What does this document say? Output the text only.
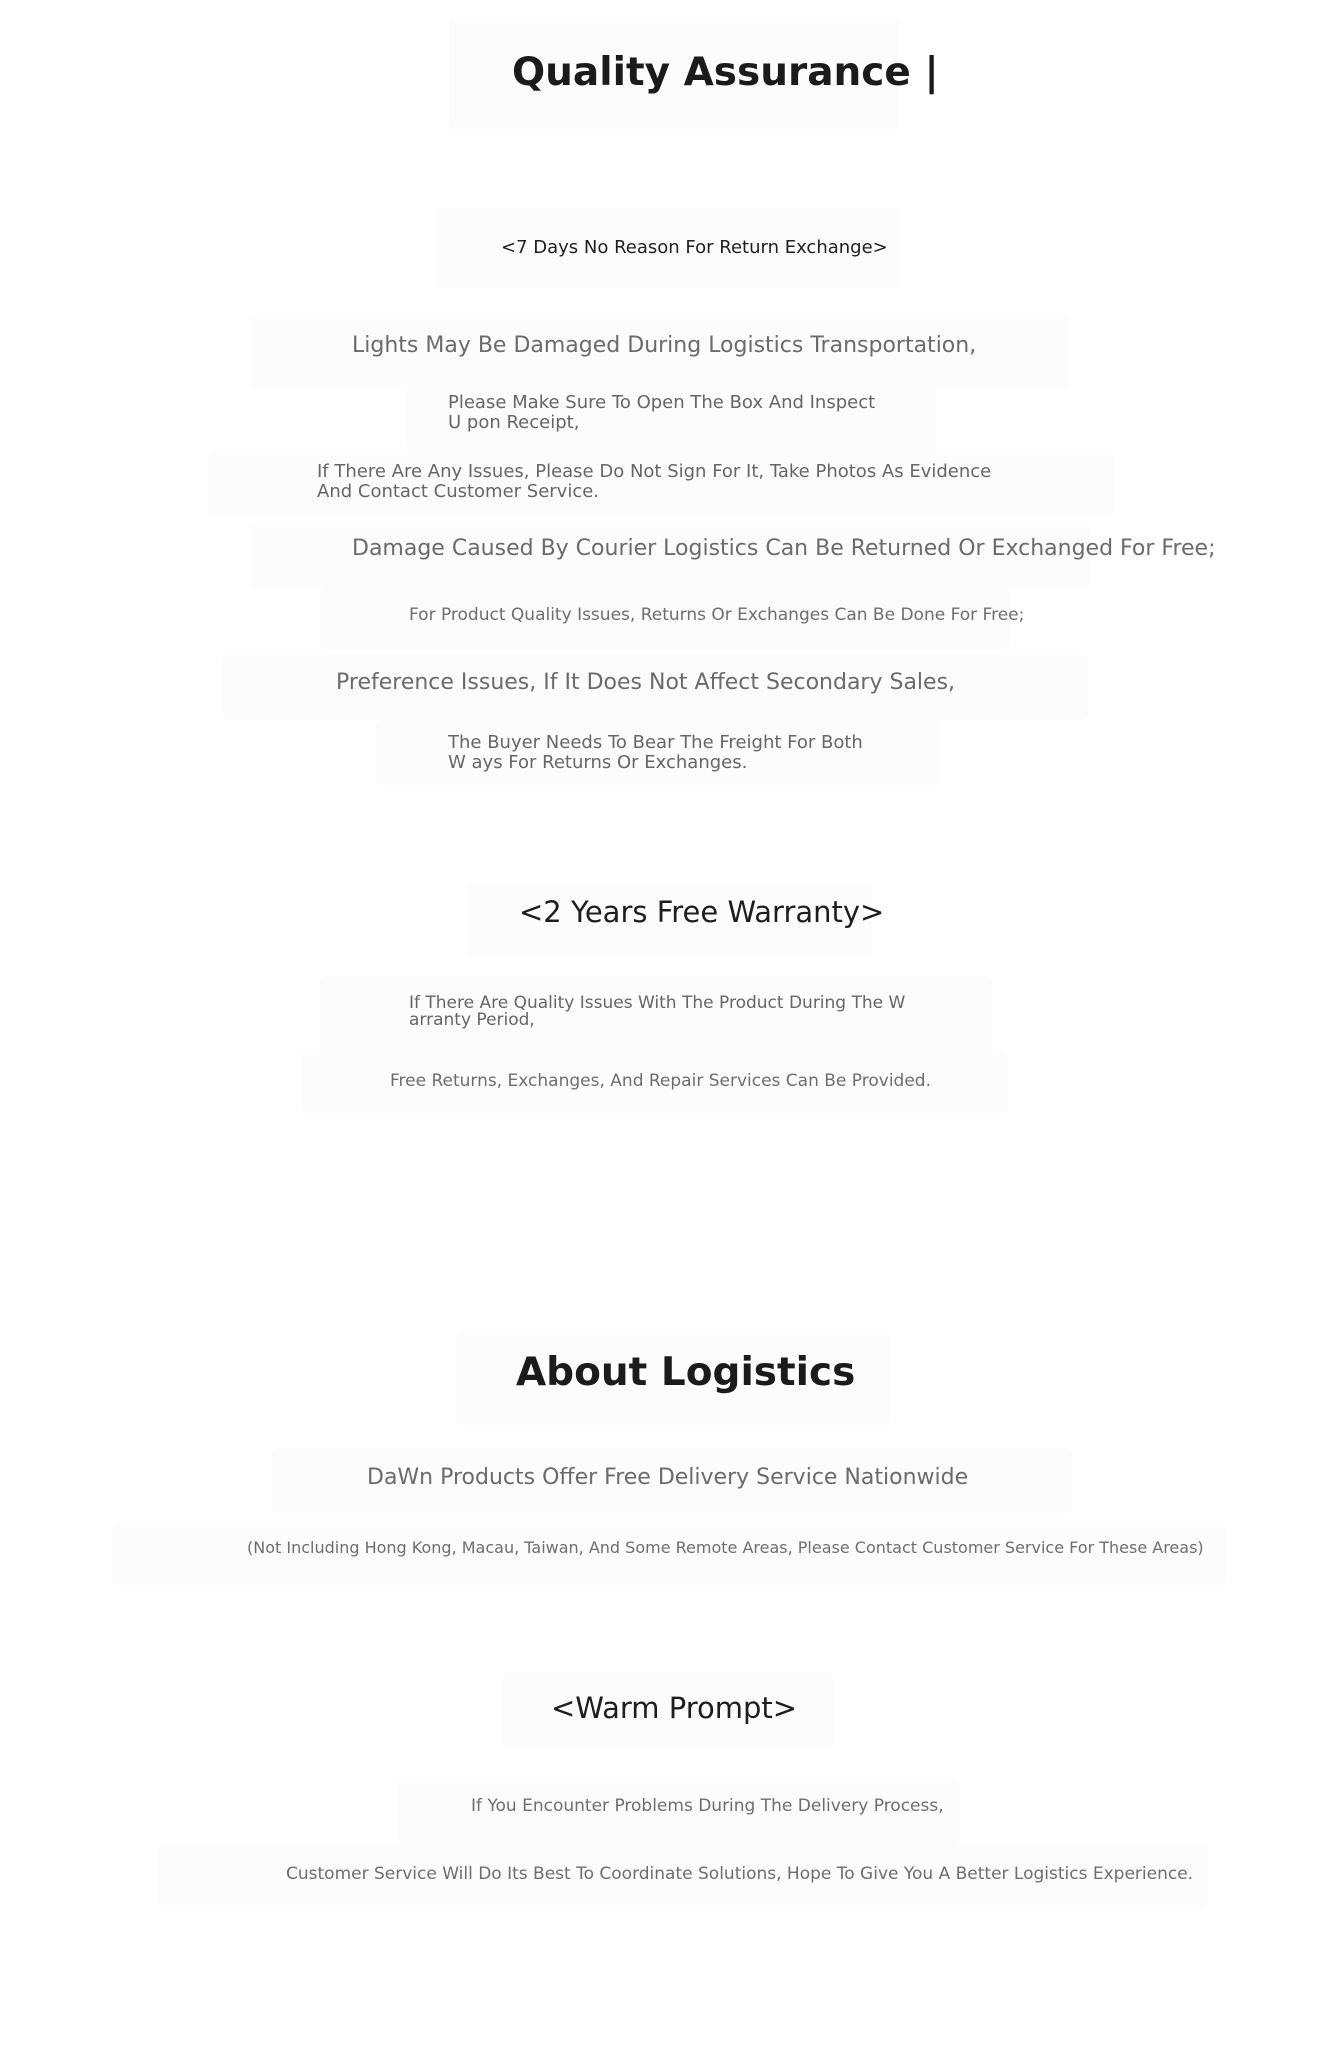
Quality Assurance |
<7 Days No Reason For Return Exchange>
Lights May Be Damaged During Logistics Transportation,
Please Make Sure To Open The Box And Inspect U pon Receipt,
If There Are Any Issues, Please Do Not Sign For It, Take Photos As Evidence And Contact Customer Service.
Damage Caused By Courier Logistics Can Be Returned Or Exchanged For Free;
For Product Quality Issues, Returns Or Exchanges Can Be Done For Free;
Preference Issues, If It Does Not Affect Secondary Sales,
The Buyer Needs To Bear The Freight For Both W ays For Returns Or Exchanges.
<2 Years Free Warranty>
If There Are Quality Issues With The Product During The W arranty Period,
Free Returns, Exchanges, And Repair Services Can Be Provided.
About Logistics
DaWn Products Offer Free Delivery Service Nationwide
(Not Including Hong Kong, Macau, Taiwan, And Some Remote Areas, Please Contact Customer Service For These Areas)
<Warm Prompt>
If You Encounter Problems During The Delivery Process,
Customer Service Will Do Its Best To Coordinate Solutions, Hope To Give You A Better Logistics Experience.
